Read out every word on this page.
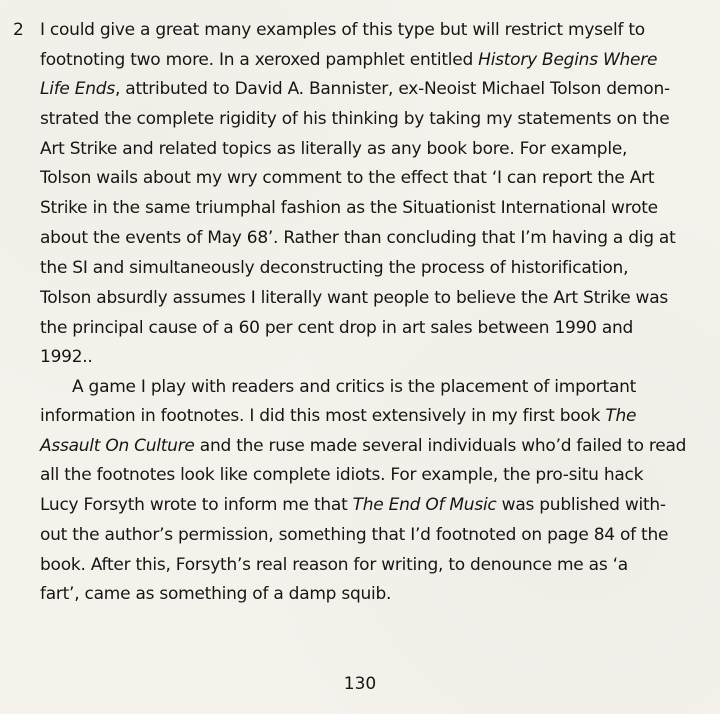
2 I could give a great many examples of this type but will restrict myself to
footnoting two more. In a xeroxed pamphlet entitled History Begins Where
Life Ends, attributed to David A. Bannister, ex-Neoist Michael Tolson demon-
strated the complete rigidity of his thinking by taking my statements on the
Art Strike and related topics as literally as any book bore. For example,
Tolson wails about my wry comment to the effect that ‘I can report the Art
Strike in the same triumphal fashion as the Situationist International wrote
about the events of May 68’. Rather than concluding that I’m having a dig at
the SI and simultaneously deconstructing the process of historification,
Tolson absurdly assumes I literally want people to believe the Art Strike was
the principal cause of a 60 per cent drop in art sales between 1990 and
1992..
A game I play with readers and critics is the placement of important
information in footnotes. I did this most extensively in my first book The
Assault On Culture and the ruse made several individuals who’d failed to read
all the footnotes look like complete idiots. For example, the pro-situ hack
Lucy Forsyth wrote to inform me that The End Of Music was published with-
out the author’s permission, something that I’d footnoted on page 84 of the
book. After this, Forsyth’s real reason for writing, to denounce me as ‘a
fart’, came as something of a damp squib.
130
